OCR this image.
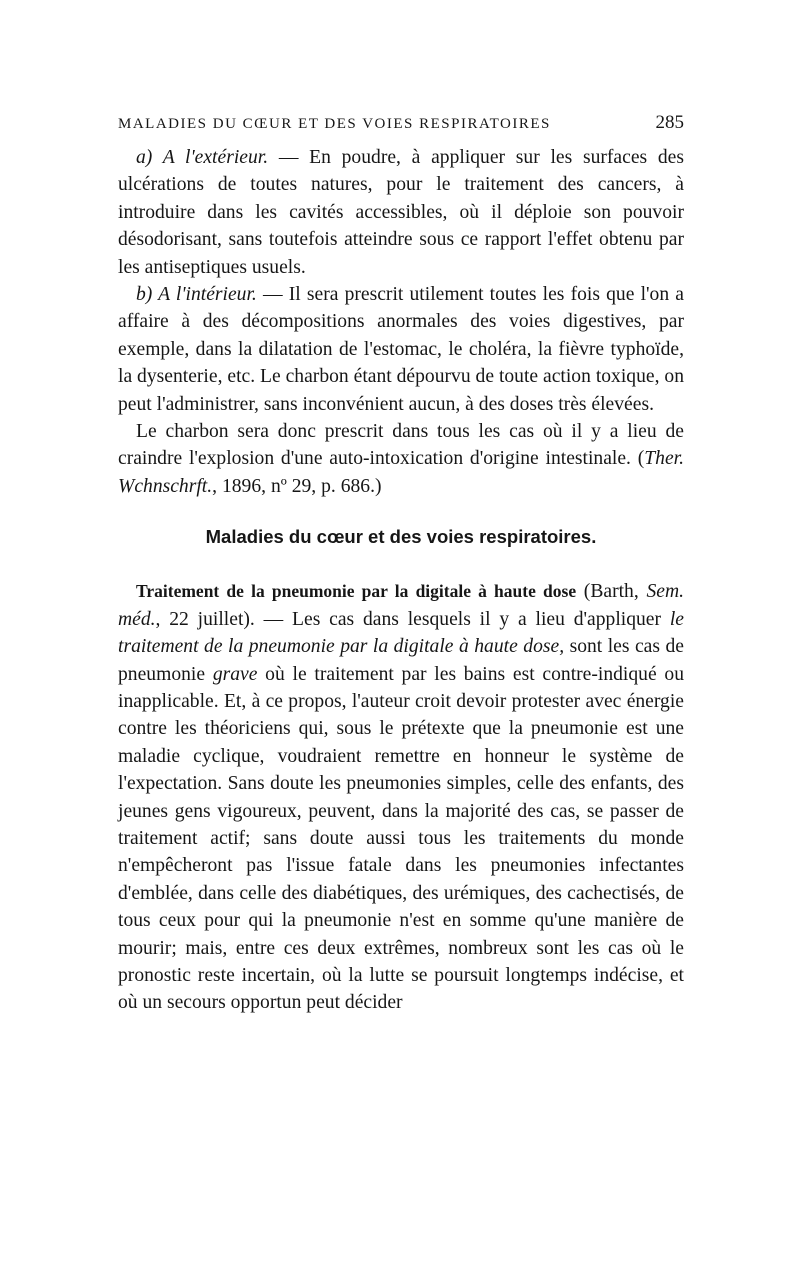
MALADIES DU CŒUR ET DES VOIES RESPIRATOIRES	285

a) A l'extérieur. — En poudre, à appliquer sur les surfaces des ulcérations de toutes natures, pour le traitement des cancers, à introduire dans les cavités accessibles, où il déploie son pouvoir désodorisant, sans toutefois atteindre sous ce rapport l'effet obtenu par les antiseptiques usuels.

b) A l'intérieur. — Il sera prescrit utilement toutes les fois que l'on a affaire à des décompositions anormales des voies digestives, par exemple, dans la dilatation de l'estomac, le choléra, la fièvre typhoïde, la dysenterie, etc. Le charbon étant dépourvu de toute action toxique, on peut l'administrer, sans inconvénient aucun, à des doses très élevées.

Le charbon sera donc prescrit dans tous les cas où il y a lieu de craindre l'explosion d'une auto-intoxication d'origine intestinale. (Ther. Wchnschrft., 1896, nº 29, p. 686.)

Maladies du cœur et des voies respiratoires.

Traitement de la pneumonie par la digitale à haute dose (Barth, Sem. méd., 22 juillet). — Les cas dans lesquels il y a lieu d'appliquer le traitement de la pneumonie par la digitale à haute dose, sont les cas de pneumonie grave où le traitement par les bains est contre-indiqué ou inapplicable. Et, à ce propos, l'auteur croit devoir protester avec énergie contre les théoriciens qui, sous le prétexte que la pneumonie est une maladie cyclique, voudraient remettre en honneur le système de l'expectation. Sans doute les pneumonies simples, celle des enfants, des jeunes gens vigoureux, peuvent, dans la majorité des cas, se passer de traitement actif; sans doute aussi tous les traitements du monde n'empêcheront pas l'issue fatale dans les pneumonies infectantes d'emblée, dans celle des diabétiques, des urémiques, des cachectisés, de tous ceux pour qui la pneumonie n'est en somme qu'une manière de mourir; mais, entre ces deux extrêmes, nombreux sont les cas où le pronostic reste incertain, où la lutte se poursuit longtemps indécise, et où un secours opportun peut décider
